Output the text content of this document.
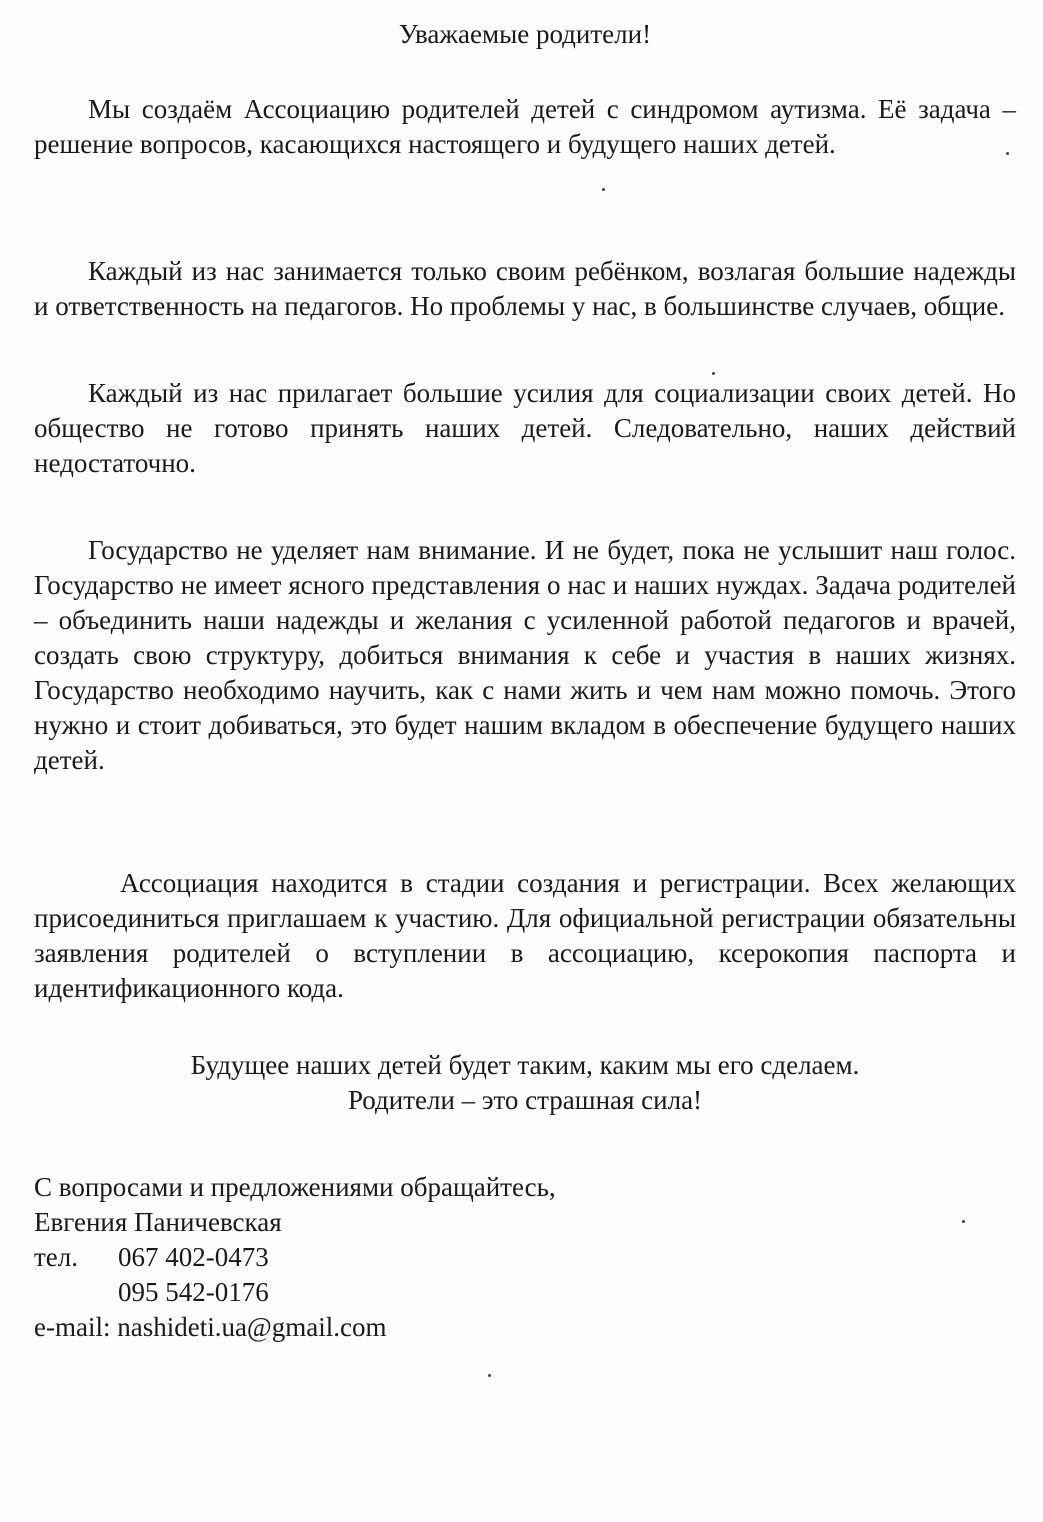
Уважаемые родители!

Мы создаём Ассоциацию родителей детей с синдромом аутизма. Её задача – решение вопросов, касающихся настоящего и будущего наших детей.

Каждый из нас занимается только своим ребёнком, возлагая большие надежды и ответственность на педагогов. Но проблемы у нас, в большинстве случаев, общие.

Каждый из нас прилагает большие усилия для социализации своих детей. Но общество не готово принять наших детей. Следовательно, наших действий недостаточно.

Государство не уделяет нам внимание. И не будет, пока не услышит наш голос. Государство не имеет ясного представления о нас и наших нуждах. Задача родителей – объединить наши надежды и желания с усиленной работой педагогов и врачей, создать свою структуру, добиться внимания к себе и участия в наших жизнях. Государство необходимо научить, как с нами жить и чем нам можно помочь. Этого нужно и стоит добиваться, это будет нашим вкладом в обеспечение будущего наших детей.

Ассоциация находится в стадии создания и регистрации. Всех желающих присоединиться приглашаем к участию. Для официальной регистрации обязательны заявления родителей о вступлении в ассоциацию, ксерокопия паспорта и идентификационного кода.

Будущее наших детей будет таким, каким мы его сделаем.

Родители – это страшная сила!

С вопросами и предложениями обращайтесь,

Евгения Паничевская

тел. 067 402-0473

095 542-0176

e-mail: nashideti.ua@gmail.com
